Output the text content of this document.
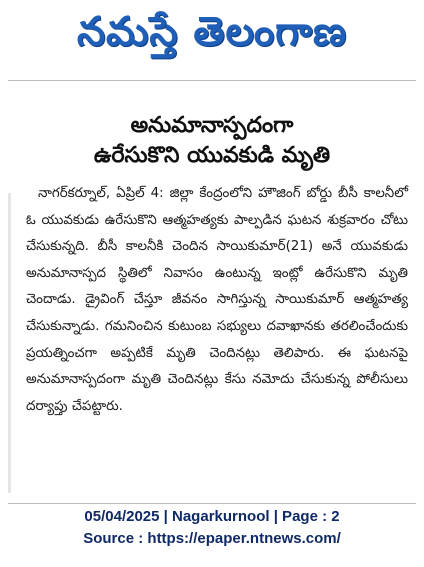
నమస్తే తెలంగాణ
అనుమానాస్పదంగా
ఉరేసుకొని యువకుడి మృతి
నాగర్‌కర్నూల్‌, ఏప్రిల్‌ 4: జిల్లా కేంద్రంలోని హౌజింగ్‌ బోర్డు బీసీ కాలనీలో ఓ యువకుడు ఉరేసుకొని ఆత్మహత్యకు పాల్పడిన ఘటన శుక్రవారం చోటు చేసుకున్నది. బీసీ కాలనీకి చెందిన సాయికుమార్‌(21) అనే యువకుడు అనుమానాస్పద స్థితిలో నివాసం ఉంటున్న ఇంట్లో ఉరేసుకొని మృతి చెందాడు. డ్రైవింగ్‌ చేస్తూ జీవనం సాగిస్తున్న సాయికుమార్‌ ఆత్మహత్య చేసుకున్నాడు. గమనించిన కుటుంబ సభ్యులు దవాఖానకు తరలించేందుకు ప్రయత్నించగా అప్పటికే మృతి చెందినట్లు తెలిపారు. ఈ ఘటనపై అనుమానాస్పదంగా మృతి చెందినట్లు కేసు నమోదు చేసుకున్న పోలీసులు దర్యాప్తు చేపట్టారు.
05/04/2025 | Nagarkurnool | Page : 2
Source : https://epaper.ntnews.com/
